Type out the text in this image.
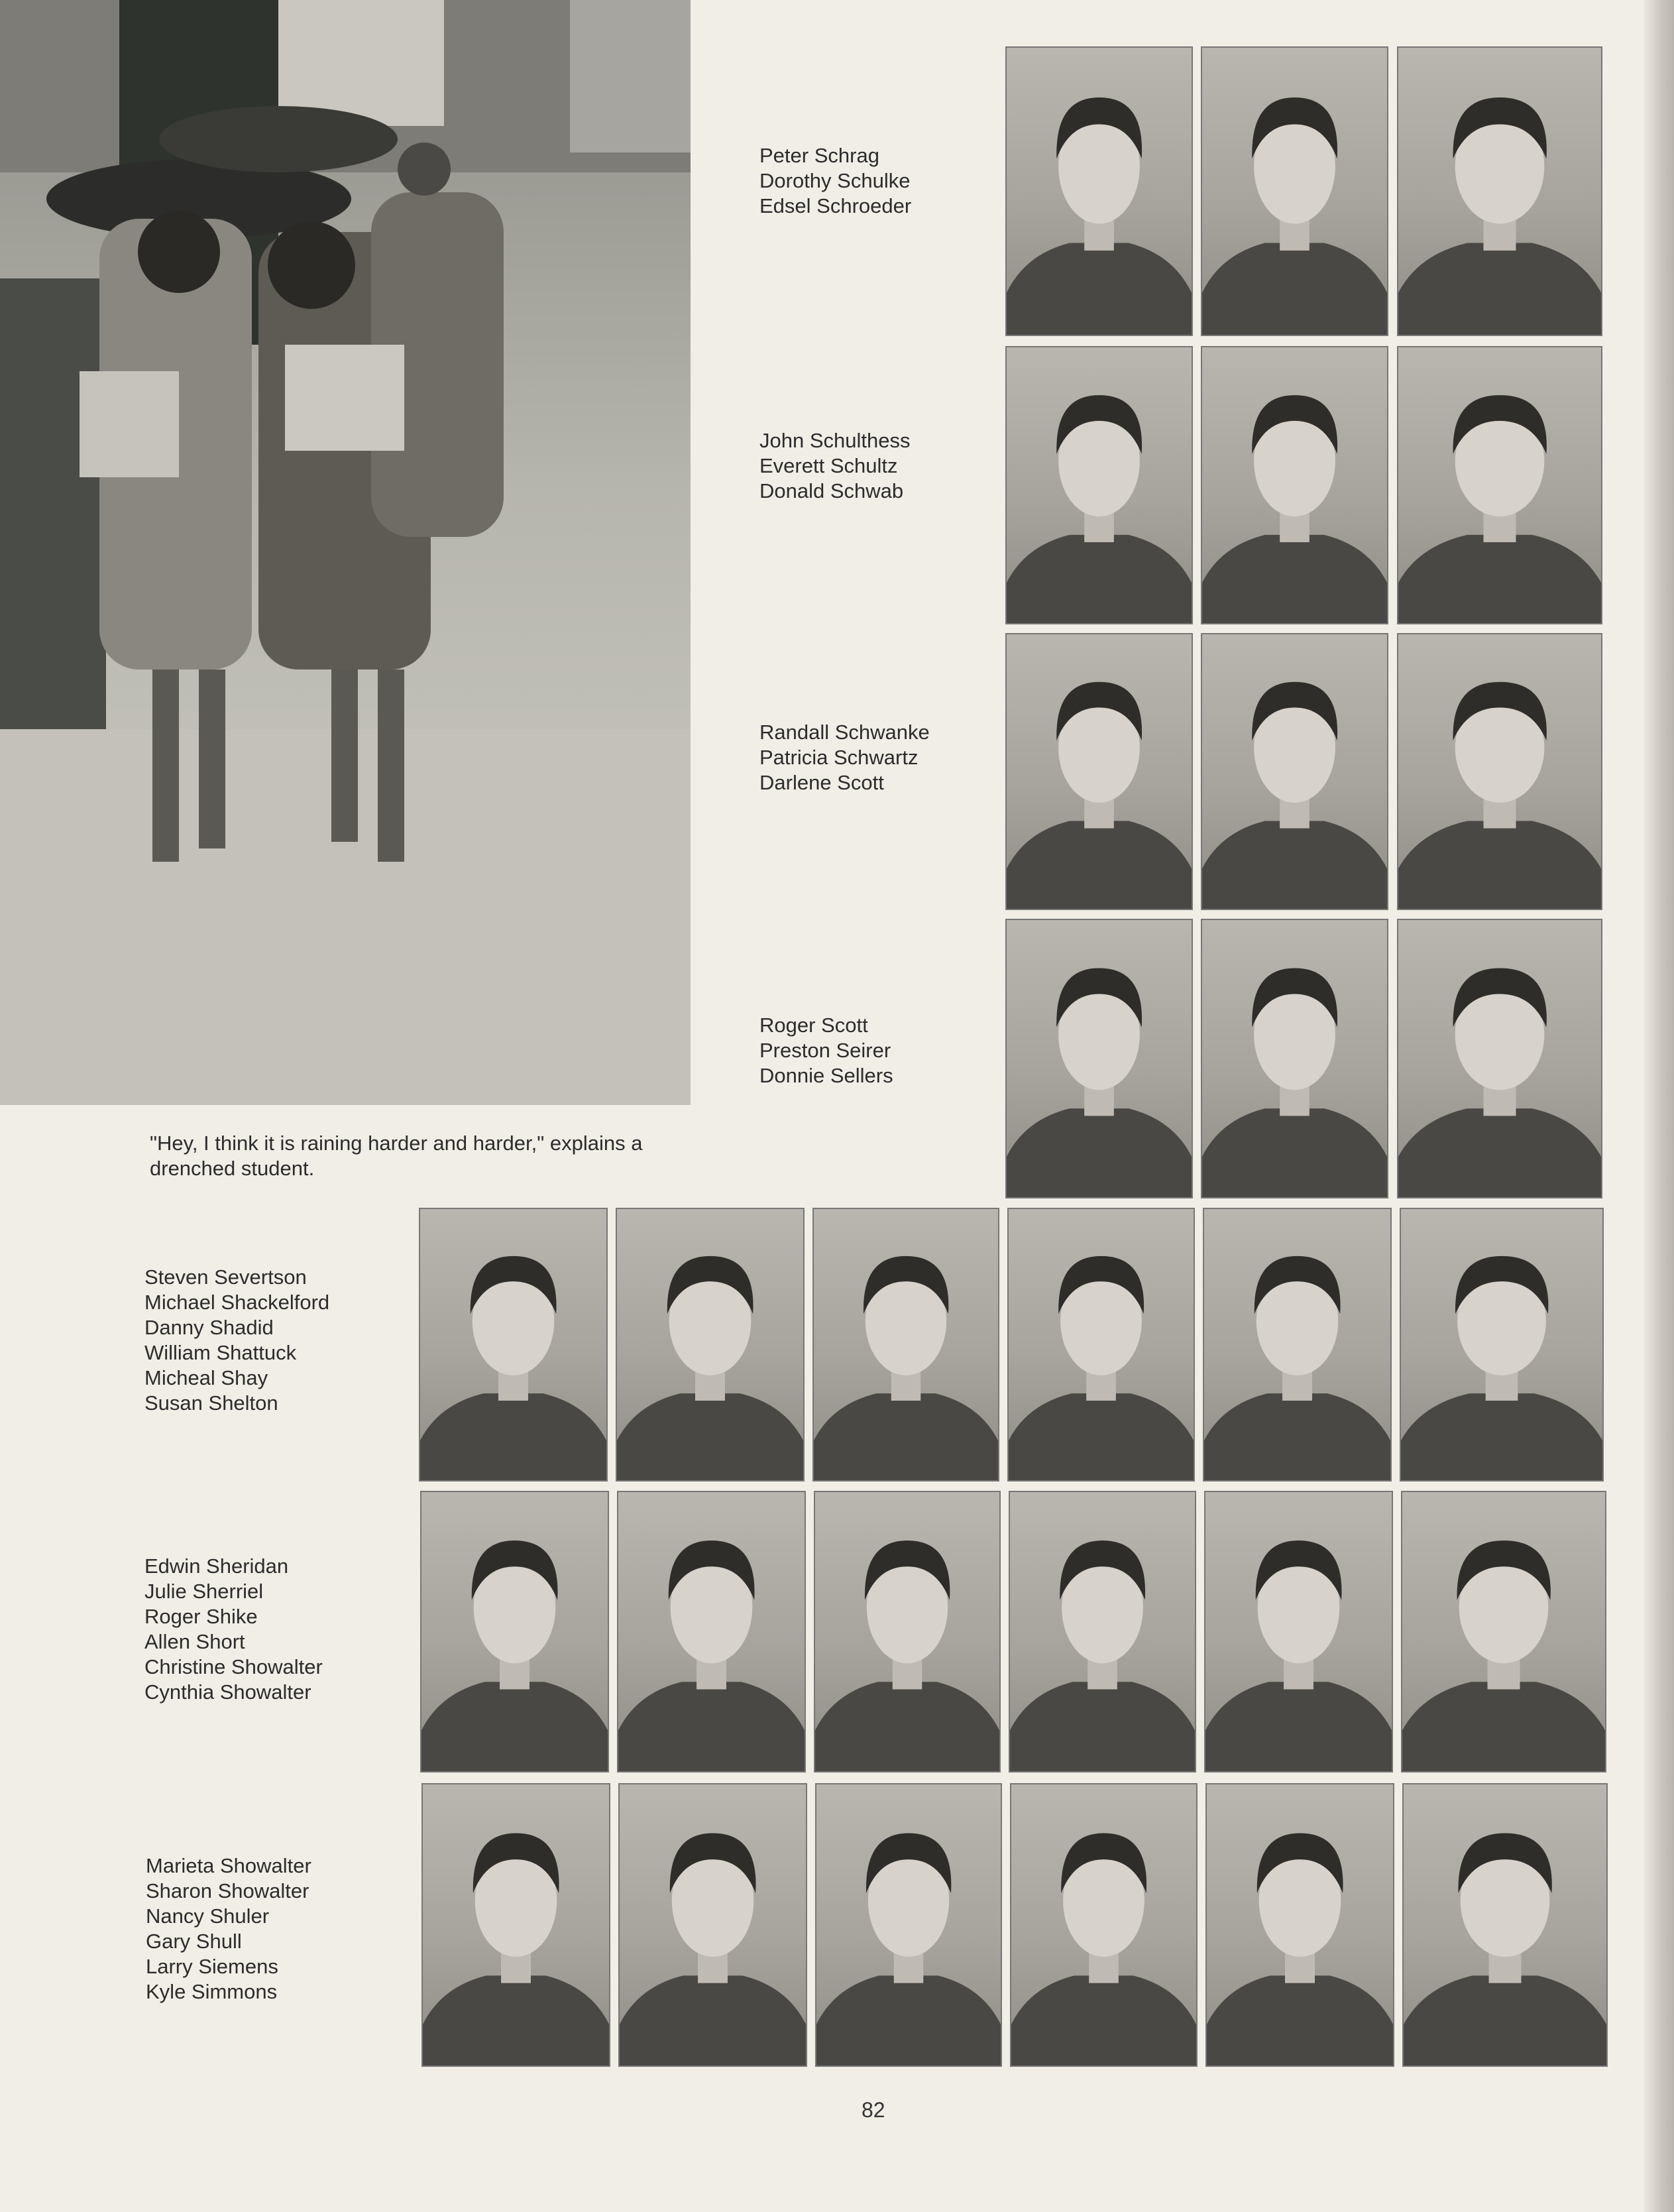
"Hey, I think it is raining harder and harder," explains a drenched student.
Peter Schrag
Dorothy Schulke
Edsel Schroeder
John Schulthess
Everett Schultz
Donald Schwab
Randall Schwanke
Patricia Schwartz
Darlene Scott
Roger Scott
Preston Seirer
Donnie Sellers
Steven Severtson
Michael Shackelford
Danny Shadid
William Shattuck
Micheal Shay
Susan Shelton
Edwin Sheridan
Julie Sherriel
Roger Shike
Allen Short
Christine Showalter
Cynthia Showalter
Marieta Showalter
Sharon Showalter
Nancy Shuler
Gary Shull
Larry Siemens
Kyle Simmons
82
